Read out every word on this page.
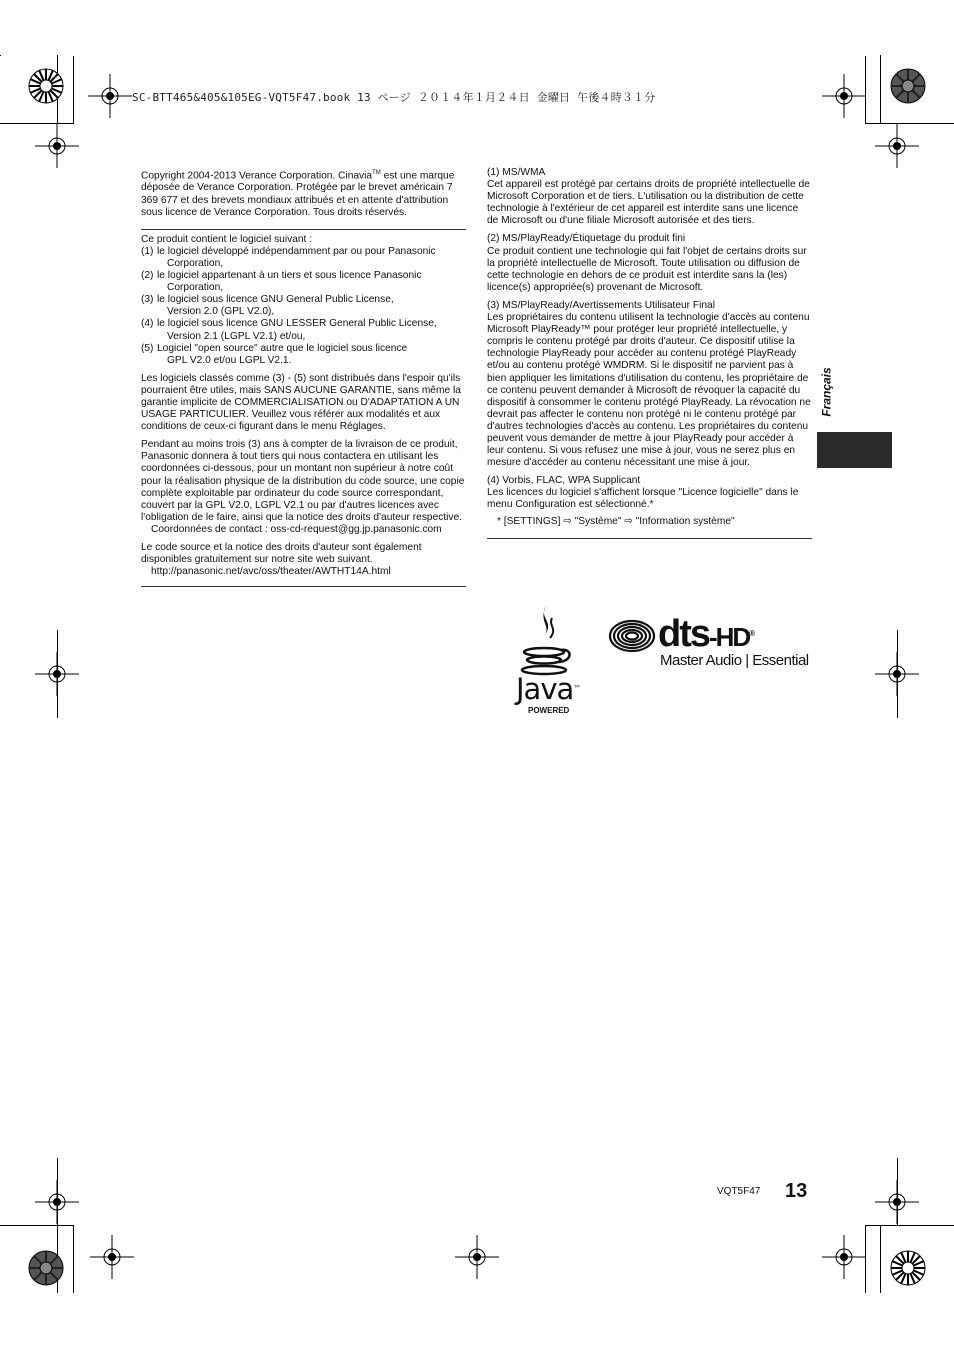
SC-BTT465&405&105EG-VQT5F47.book 13 ページ ２０１４年１月２４日 金曜日 午後４時３１分

Copyright 2004-2013 Verance Corporation. Cinavia™ est une marque déposée de Verance Corporation. Protégée par le brevet américain 7 369 677 et des brevets mondiaux attribués et en attente d'attribution sous licence de Verance Corporation. Tous droits réservés.

Ce produit contient le logiciel suivant :

(1) le logiciel développé indépendamment par ou pour Panasonic
Corporation,
(2) le logiciel appartenant à un tiers et sous licence Panasonic
Corporation,
(3) le logiciel sous licence GNU General Public License,
Version 2.0 (GPL V2.0),
(4) le logiciel sous licence GNU LESSER General Public License,
Version 2.1 (LGPL V2.1) et/ou,
(5) Logiciel "open source" autre que le logiciel sous licence
GPL V2.0 et/ou LGPL V2.1.

Les logiciels classés comme (3) - (5) sont distribués dans l'espoir qu'ils pourraient être utiles, mais SANS AUCUNE GARANTIE, sans même la garantie implicite de COMMERCIALISATION ou D'ADAPTATION A UN USAGE PARTICULIER. Veuillez vous référer aux modalités et aux conditions de ceux-ci figurant dans le menu Réglages.

Pendant au moins trois (3) ans à compter de la livraison de ce produit, Panasonic donnera à tout tiers qui nous contactera en utilisant les coordonnées ci-dessous, pour un montant non supérieur à notre coût pour la réalisation physique de la distribution du code source, une copie complète exploitable par ordinateur du code source correspondant, couvert par la GPL V2.0, LGPL V2.1 ou par d'autres licences avec l'obligation de le faire, ainsi que la notice des droits d'auteur respective.
Coordonnées de contact : oss-cd-request@gg.jp.panasonic.com

Le code source et la notice des droits d'auteur sont également disponibles gratuitement sur notre site web suivant.
http://panasonic.net/avc/oss/theater/AWTHT14A.html

(1) MS/WMA
Cet appareil est protégé par certains droits de propriété intellectuelle de Microsoft Corporation et de tiers. L'utilisation ou la distribution de cette technologie à l'extérieur de cet appareil est interdite sans une licence de Microsoft ou d'une filiale Microsoft autorisée et des tiers.

(2) MS/PlayReady/Étiquetage du produit fini
Ce produit contient une technologie qui fait l'objet de certains droits sur la propriété intellectuelle de Microsoft. Toute utilisation ou diffusion de cette technologie en dehors de ce produit est interdite sans la (les) licence(s) appropriée(s) provenant de Microsoft.

(3) MS/PlayReady/Avertissements Utilisateur Final
Les propriétaires du contenu utilisent la technologie d'accès au contenu Microsoft PlayReady™ pour protéger leur propriété intellectuelle, y compris le contenu protégé par droits d'auteur. Ce dispositif utilise la technologie PlayReady pour accéder au contenu protégé PlayReady et/ou au contenu protégé WMDRM. Si le dispositif ne parvient pas à bien appliquer les limitations d'utilisation du contenu, les propriétaire de ce contenu peuvent demander à Microsoft de révoquer la capacité du dispositif à consommer le contenu protégé PlayReady. La révocation ne devrait pas affecter le contenu non protégé ni le contenu protégé par d'autres technologies d'accès au contenu. Les propriétaires du contenu peuvent vous demander de mettre à jour PlayReady pour accéder à leur contenu. Si vous refusez une mise à jour, vous ne serez plus en mesure d'accéder au contenu nécessitant une mise à jour.

(4) Vorbis, FLAC, WPA Supplicant
Les licences du logiciel s'affichent lorsque "Licence logicielle" dans le menu Configuration est sélectionné.*

* [SETTINGS] ⇨ "Système" ⇨ "Information système"

Java™
POWERED
dts-HD®
Master Audio | Essential
Français
VQT5F47 13
